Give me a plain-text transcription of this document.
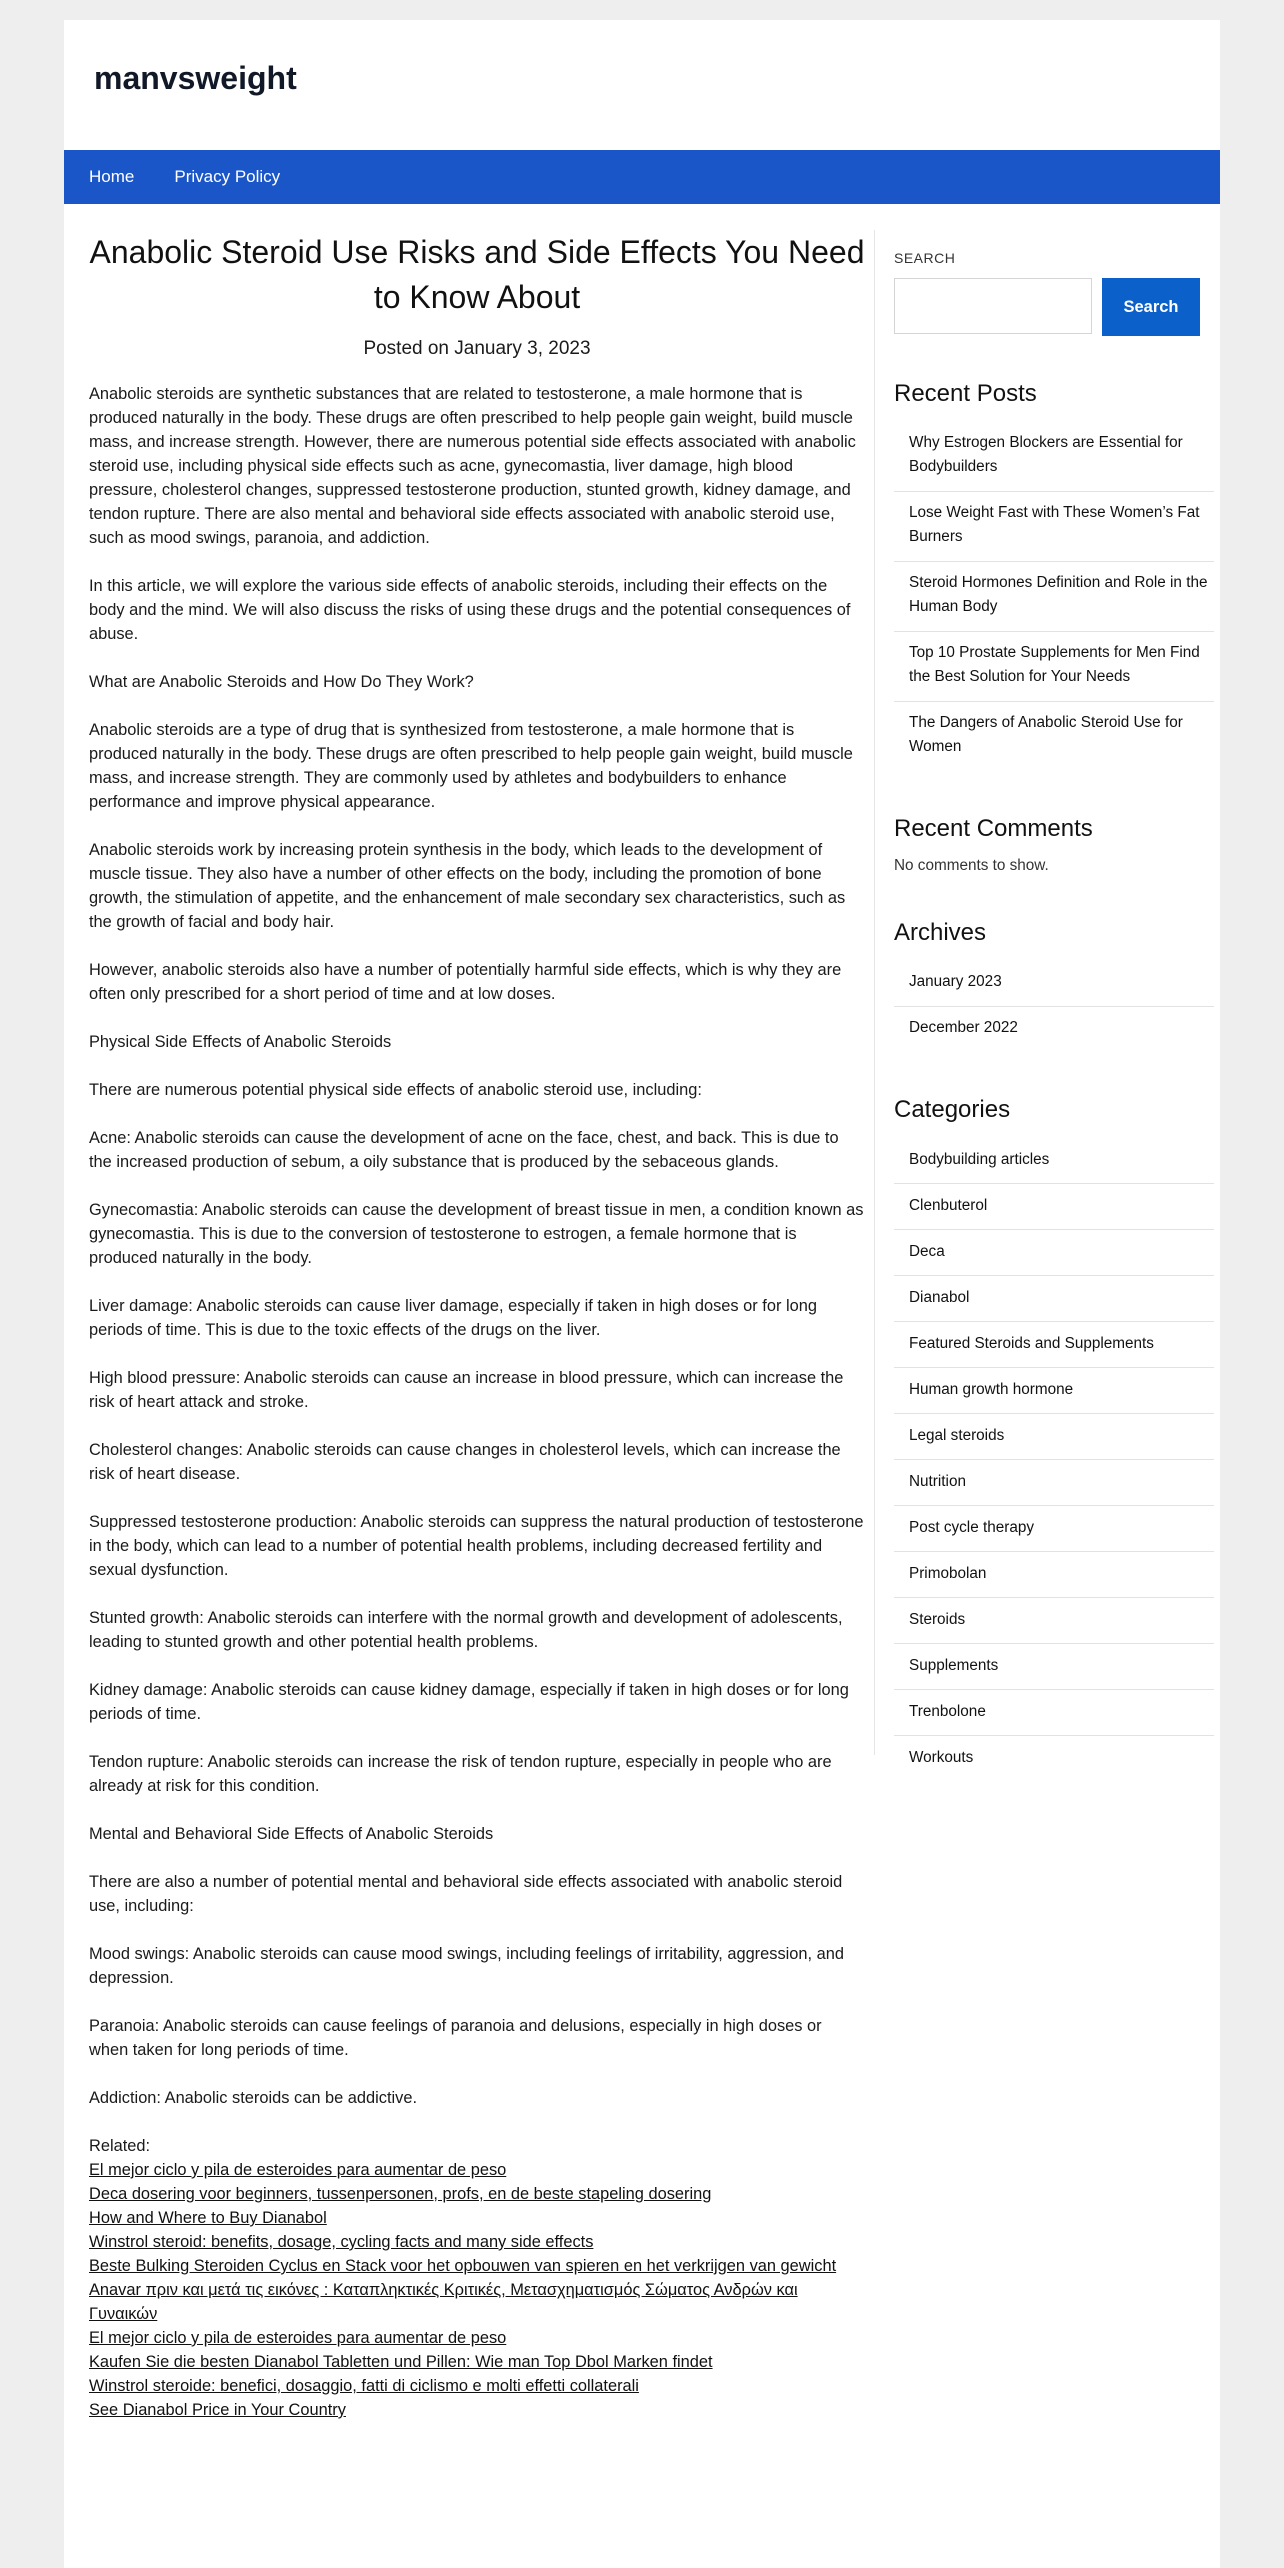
manvsweight
Home Privacy Policy
Anabolic Steroid Use Risks and Side Effects You Need to Know About
Posted on January 3, 2023

Anabolic steroids are synthetic substances that are related to testosterone, a male hormone that is produced naturally in the body. These drugs are often prescribed to help people gain weight, build muscle mass, and increase strength. However, there are numerous potential side effects associated with anabolic steroid use, including physical side effects such as acne, gynecomastia, liver damage, high blood pressure, cholesterol changes, suppressed testosterone production, stunted growth, kidney damage, and tendon rupture. There are also mental and behavioral side effects associated with anabolic steroid use, such as mood swings, paranoia, and addiction.

In this article, we will explore the various side effects of anabolic steroids, including their effects on the body and the mind. We will also discuss the risks of using these drugs and the potential consequences of abuse.

What are Anabolic Steroids and How Do They Work?

Anabolic steroids are a type of drug that is synthesized from testosterone, a male hormone that is produced naturally in the body. These drugs are often prescribed to help people gain weight, build muscle mass, and increase strength. They are commonly used by athletes and bodybuilders to enhance performance and improve physical appearance.

Anabolic steroids work by increasing protein synthesis in the body, which leads to the development of muscle tissue. They also have a number of other effects on the body, including the promotion of bone growth, the stimulation of appetite, and the enhancement of male secondary sex characteristics, such as the growth of facial and body hair.

However, anabolic steroids also have a number of potentially harmful side effects, which is why they are often only prescribed for a short period of time and at low doses.

Physical Side Effects of Anabolic Steroids

There are numerous potential physical side effects of anabolic steroid use, including:

Acne: Anabolic steroids can cause the development of acne on the face, chest, and back. This is due to the increased production of sebum, a oily substance that is produced by the sebaceous glands.

Gynecomastia: Anabolic steroids can cause the development of breast tissue in men, a condition known as gynecomastia. This is due to the conversion of testosterone to estrogen, a female hormone that is produced naturally in the body.

Liver damage: Anabolic steroids can cause liver damage, especially if taken in high doses or for long periods of time. This is due to the toxic effects of the drugs on the liver.

High blood pressure: Anabolic steroids can cause an increase in blood pressure, which can increase the risk of heart attack and stroke.

Cholesterol changes: Anabolic steroids can cause changes in cholesterol levels, which can increase the risk of heart disease.

Suppressed testosterone production: Anabolic steroids can suppress the natural production of testosterone in the body, which can lead to a number of potential health problems, including decreased fertility and sexual dysfunction.

Stunted growth: Anabolic steroids can interfere with the normal growth and development of adolescents, leading to stunted growth and other potential health problems.

Kidney damage: Anabolic steroids can cause kidney damage, especially if taken in high doses or for long periods of time.

Tendon rupture: Anabolic steroids can increase the risk of tendon rupture, especially in people who are already at risk for this condition.

Mental and Behavioral Side Effects of Anabolic Steroids

There are also a number of potential mental and behavioral side effects associated with anabolic steroid use, including:

Mood swings: Anabolic steroids can cause mood swings, including feelings of irritability, aggression, and depression.

Paranoia: Anabolic steroids can cause feelings of paranoia and delusions, especially in high doses or when taken for long periods of time.

Addiction: Anabolic steroids can be addictive.

Related:
El mejor ciclo y pila de esteroides para aumentar de peso
Deca dosering voor beginners, tussenpersonen, profs, en de beste stapeling dosering
How and Where to Buy Dianabol
Winstrol steroid: benefits, dosage, cycling facts and many side effects
Beste Bulking Steroiden Cyclus en Stack voor het opbouwen van spieren en het verkrijgen van gewicht
Anavar πριν και μετά τις εικόνες : Καταπληκτικές Κριτικές, Μετασχηματισμός Σώματος Ανδρών και Γυναικών
El mejor ciclo y pila de esteroides para aumentar de peso
Kaufen Sie die besten Dianabol Tabletten und Pillen: Wie man Top Dbol Marken findet
Winstrol steroide: benefici, dosaggio, fatti di ciclismo e molti effetti collaterali
See Dianabol Price in Your Country
SEARCH
Search
Recent Posts
Why Estrogen Blockers are Essential for Bodybuilders
Lose Weight Fast with These Women’s Fat Burners
Steroid Hormones Definition and Role in the Human Body
Top 10 Prostate Supplements for Men Find the Best Solution for Your Needs
The Dangers of Anabolic Steroid Use for Women
Recent Comments

No comments to show.

Archives
January 2023
December 2022
Categories
Bodybuilding articles
Clenbuterol
Deca
Dianabol
Featured Steroids and Supplements
Human growth hormone
Legal steroids
Nutrition
Post cycle therapy
Primobolan
Steroids
Supplements
Trenbolone
Workouts
